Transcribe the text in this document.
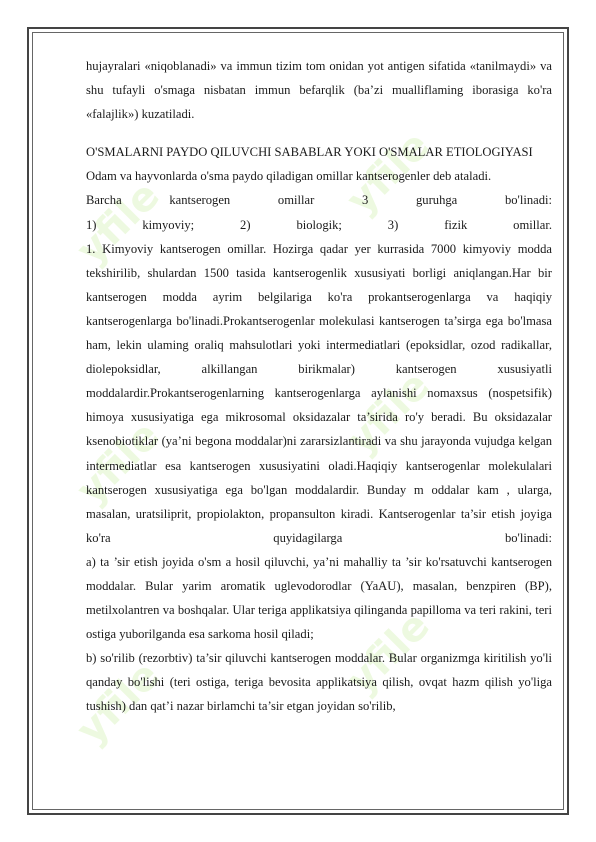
yfile	yfile
yfile	yfile
yfile	yfile

hujayralari «niqoblanadi» va immun tizim tom onidan yot antigen sifatida «tanilmaydi» va shu tufayli o'smaga nisbatan immun befarqlik (ba’zi mualliflaming iborasiga ko'ra «falajlik») kuzatiladi.

O'SMALARNI PAYDO QILUVCHI SABABLAR YOKI O'SMALAR ETIOLOGIYASI

Odam va hayvonlarda o'sma paydo qiladigan omillar kantserogenler deb ataladi.

Barcha kantserogen omillar 3 guruhga bo'linadi:

1) kimyoviy; 2) biologik; 3) fizik omillar.

1. Kimyoviy kantserogen omillar. Hozirga qadar yer kurrasida 7000 kimyoviy modda tekshirilib, shulardan 1500 tasida kantserogenlik xususiyati borligi aniqlangan.Har bir kantserogen modda ayrim belgilariga ko'ra prokantserogenlarga va haqiqiy kantserogenlarga bo'linadi.Prokantserogenlar molekulasi kantserogen ta’sirga ega bo'lmasa ham, lekin ulaming oraliq mahsulotlari yoki intermediatlari (epoksidlar, ozod radikallar, diolepoksidlar, alkillangan birikmalar) kantserogen xususiyatli moddalardir.Prokantserogenlarning kantserogenlarga aylanishi nomaxsus (nospetsifik) himoya xususiyatiga ega mikrosomal oksidazalar ta’sirida ro'y beradi. Bu oksidazalar ksenobiotiklar (ya’ni begona moddalar)ni zararsizlantiradi va shu jarayonda vujudga kelgan intermediatlar esa kantserogen xususiyatini oladi.Haqiqiy kantserogenlar molekulalari kantserogen xususiyatiga ega bo'lgan moddalardir. Bunday m oddalar kam , ularga, masalan, uratsiliprit, propiolakton, propansulton kiradi. Kantserogenlar ta’sir etish joyiga ko'ra quyidagilarga bo'linadi:

a) ta ’sir etish joyida o'sm a hosil qiluvchi, ya’ni mahalliy ta ’sir ko'rsatuvchi kantserogen moddalar. Bular yarim aromatik uglevodorodlar (YaAU), masalan, benzpiren (BP), metilxolantren va boshqalar. Ular teriga applikatsiya qilinganda papilloma va teri rakini, teri ostiga yuborilganda esa sarkoma hosil qiladi;

b) so'rilib (rezorbtiv) ta’sir qiluvchi kantserogen moddalar. Bular organizmga kiritilish yo'li qanday bo'lishi (teri ostiga, teriga bevosita applikatsiya qilish, ovqat hazm qilish yo'liga tushish) dan qat’i nazar birlamchi ta’sir etgan joyidan so'rilib,
